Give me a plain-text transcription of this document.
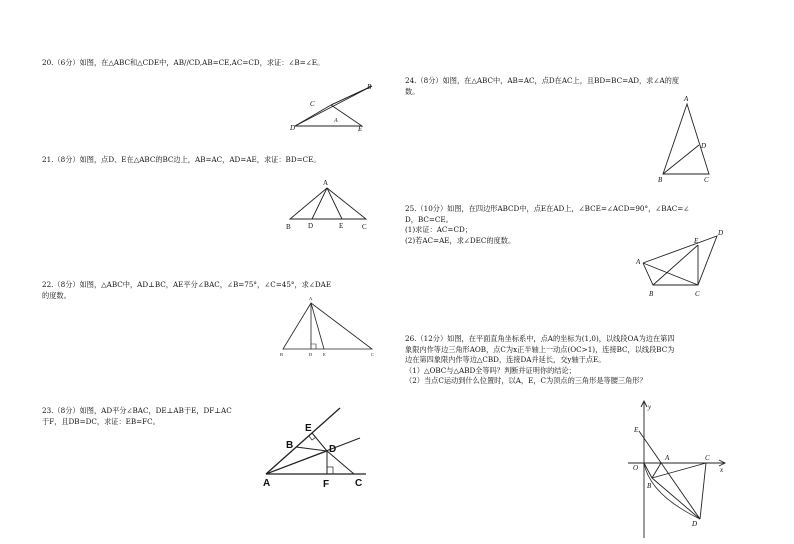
20.（6分）如图，在△ABC和△CDE中，AB//CD,AB=CE,AC=CD，求证：∠B=∠E。
B
C
D
A
E
21.（8分）如图，点D、E在△ABC的BC边上，AB=AC，AD=AE，求证：BD=CE。
A
B D	E	C
22.（8分）如图，△ABC中，AD⊥BC，AE平分∠BAC，∠B=75°，∠C=45°，求∠DAE
的度数。	A
B	D E	C
23.（8分）如图，AD平分∠BAC，DE⊥AB于E，DF⊥AC
于F，且DB=DC，求证：EB=FC。
E
B	D
A	F	C
24.（8分）如图，在△ABC中，AB=AC，点D在AC上，且BD=BC=AD，求∠A的度
数。
A
D
B	C
25.（10分）如图，在四边形ABCD中，点E在AD上，∠BCE=∠ACD=90°，∠BAC=∠
D，BC=CE。
(1)求证：AC=CD；
(2)若AC=AE，求∠DEC的度数。
A
B	C
E
D
26.（12分）如图，在平面直角坐标系中，点A的坐标为(1,0)，以线段OA为边在第四
象限内作等边三角形AOB，点C为x正半轴上一动点(OC>1)，连接BC，以线段BC为
边在第四象限内作等边△CBD，连接DA并延长，交y轴于点E。
（1）△OBC与△ABD全等吗？判断并证明你的结论；
（2）当点C运动到什么位置时，以A，E，C为顶点的三角形是等腰三角形？
y
x
E
O
A	C
B
D
